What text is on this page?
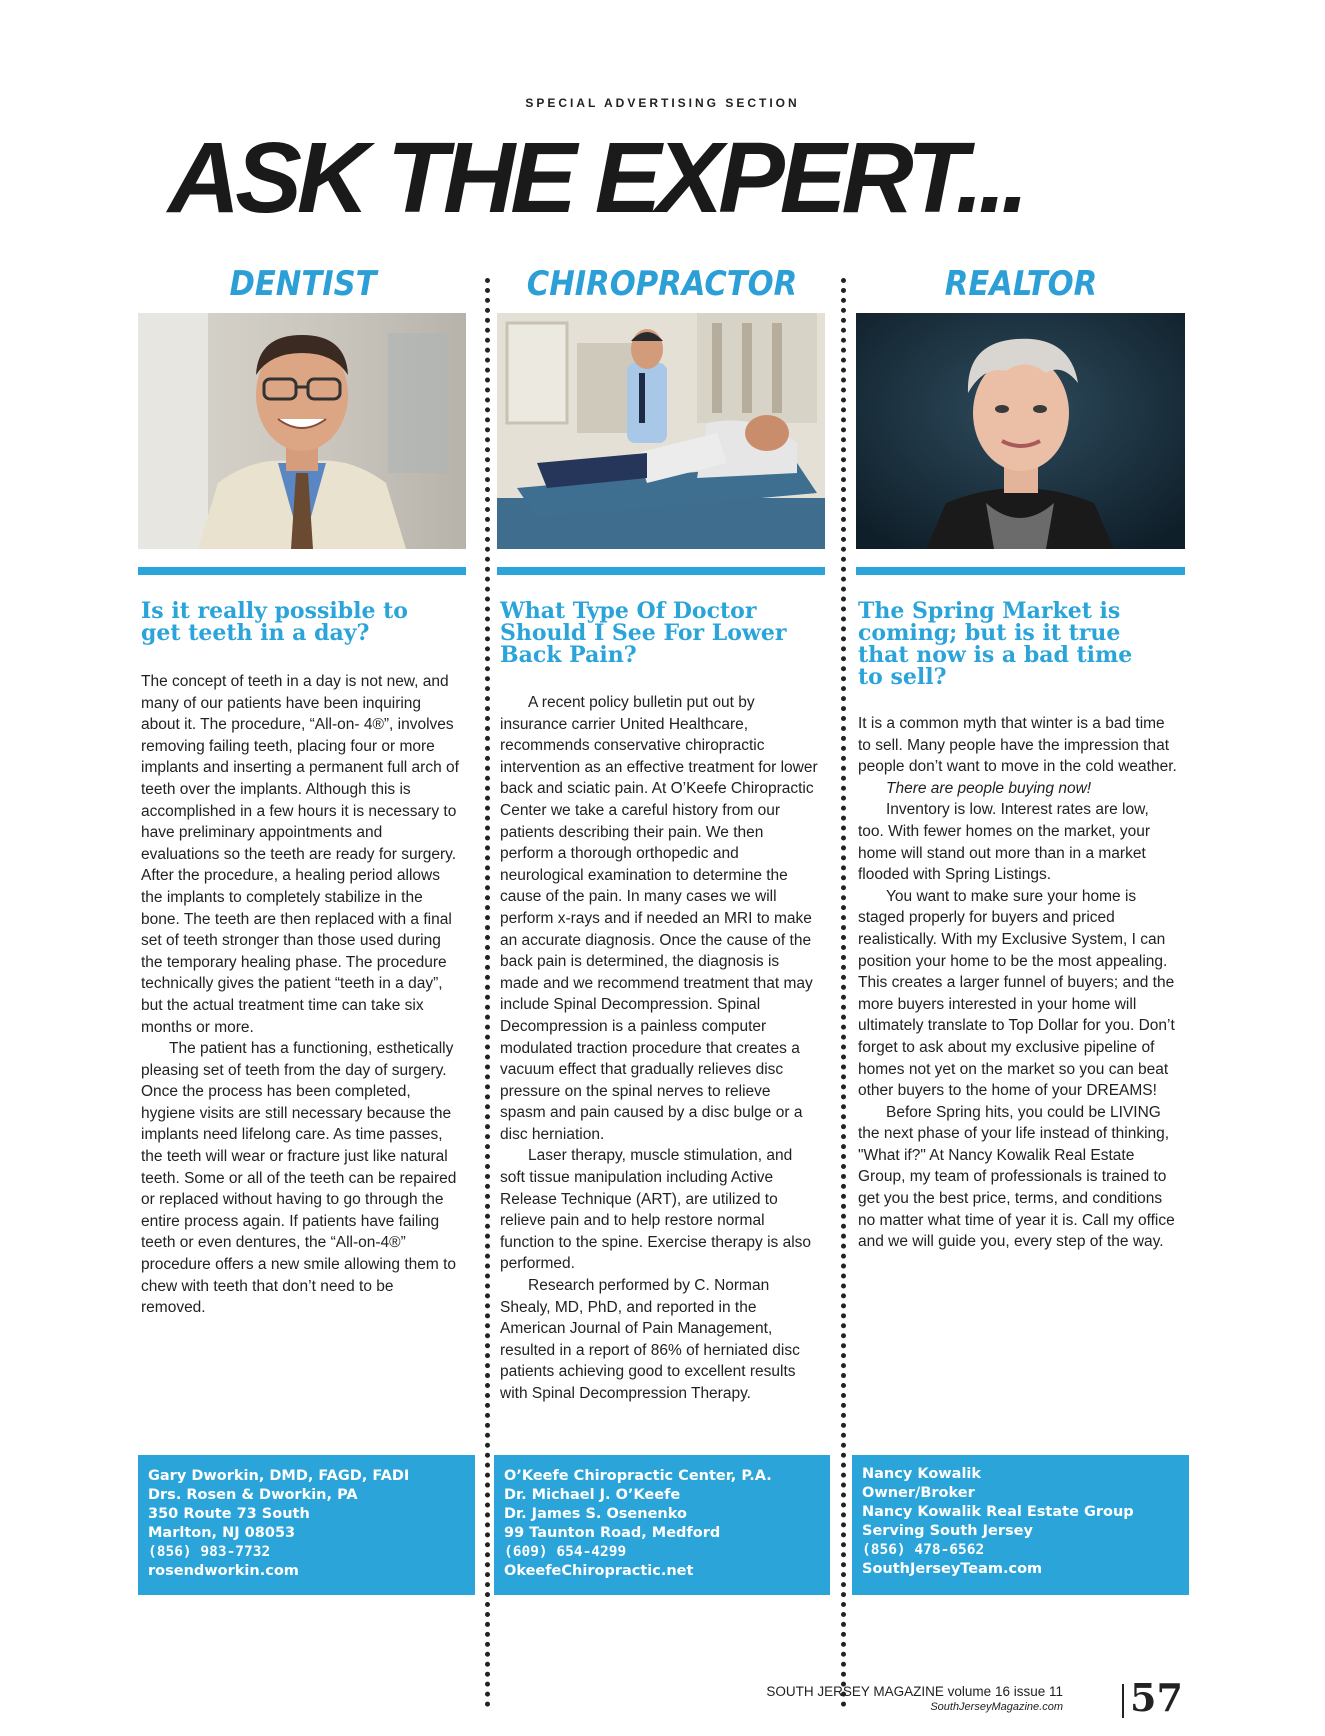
SPECIAL ADVERTISING SECTION
ASK THE EXPERT...
DENTIST
Is it really possible to
get teeth in a day?

The concept of teeth in a day is not new, and many of our patients have been inquiring about it. The procedure, “All-on- 4®”, involves removing failing teeth, placing four or more implants and inserting a permanent full arch of teeth over the implants. Although this is accomplished in a few hours it is necessary to have preliminary appointments and evaluations so the teeth are ready for surgery. After the procedure, a healing period allows the implants to completely stabilize in the bone. The teeth are then replaced with a final set of teeth stronger than those used during the temporary healing phase. The procedure technically gives the patient “teeth in a day”, but the actual treatment time can take six months or more.

The patient has a functioning, esthetically pleasing set of teeth from the day of surgery. Once the process has been completed, hygiene visits are still necessary because the implants need lifelong care. As time passes, the teeth will wear or fracture just like natural teeth. Some or all of the teeth can be repaired or replaced without having to go through the entire process again. If patients have failing teeth or even dentures, the “All-on-4®” procedure offers a new smile allowing them to chew with teeth that don’t need to be removed.

Gary Dworkin, DMD, FAGD, FADI
Drs. Rosen & Dworkin, PA
350 Route 73 South
Marlton, NJ 08053
(856) 983-7732
rosendworkin.com
CHIROPRACTOR
What Type Of Doctor
Should I See For Lower
Back Pain?

A recent policy bulletin put out by insurance carrier United Healthcare, recommends conservative chiropractic intervention as an effective treatment for lower back and sciatic pain. At O’Keefe Chiropractic Center we take a careful history from our patients describing their pain. We then perform a thorough orthopedic and neurological examination to determine the cause of the pain. In many cases we will perform x-rays and if needed an MRI to make an accurate diagnosis. Once the cause of the back pain is determined, the diagnosis is made and we recommend treatment that may include Spinal Decompression. Spinal Decompression is a painless computer modulated traction procedure that creates a vacuum effect that gradually relieves disc pressure on the spinal nerves to relieve spasm and pain caused by a disc bulge or a disc herniation.

Laser therapy, muscle stimulation, and soft tissue manipulation including Active Release Technique (ART), are utilized to relieve pain and to help restore normal function to the spine. Exercise therapy is also performed.

Research performed by C. Norman Shealy, MD, PhD, and reported in the American Journal of Pain Management, resulted in a report of 86% of herniated disc patients achieving good to excellent results with Spinal Decompression Therapy.

O’Keefe Chiropractic Center, P.A.
Dr. Michael J. O’Keefe
Dr. James S. Osenenko
99 Taunton Road, Medford
(609) 654-4299
OkeefeChiropractic.net
REALTOR
The Spring Market is
coming; but is it true
that now is a bad time
to sell?

It is a common myth that winter is a bad time to sell. Many people have the impression that people don’t want to move in the cold weather.

There are people buying now!

Inventory is low. Interest rates are low, too. With fewer homes on the market, your home will stand out more than in a market flooded with Spring Listings.

You want to make sure your home is staged properly for buyers and priced realistically. With my Exclusive System, I can position your home to be the most appealing. This creates a larger funnel of buyers; and the more buyers interested in your home will ultimately translate to Top Dollar for you. Don’t forget to ask about my exclusive pipeline of homes not yet on the market so you can beat other buyers to the home of your DREAMS!

Before Spring hits, you could be LIVING the next phase of your life instead of thinking, "What if?" At Nancy Kowalik Real Estate Group, my team of professionals is trained to get you the best price, terms, and conditions no matter what time of year it is. Call my office and we will guide you, every step of the way.

Nancy Kowalik
Owner/Broker
Nancy Kowalik Real Estate Group
Serving South Jersey
(856) 478-6562
SouthJerseyTeam.com
SOUTH JERSEY MAGAZINE volume 16 issue 11
SouthJerseyMagazine.com 57
